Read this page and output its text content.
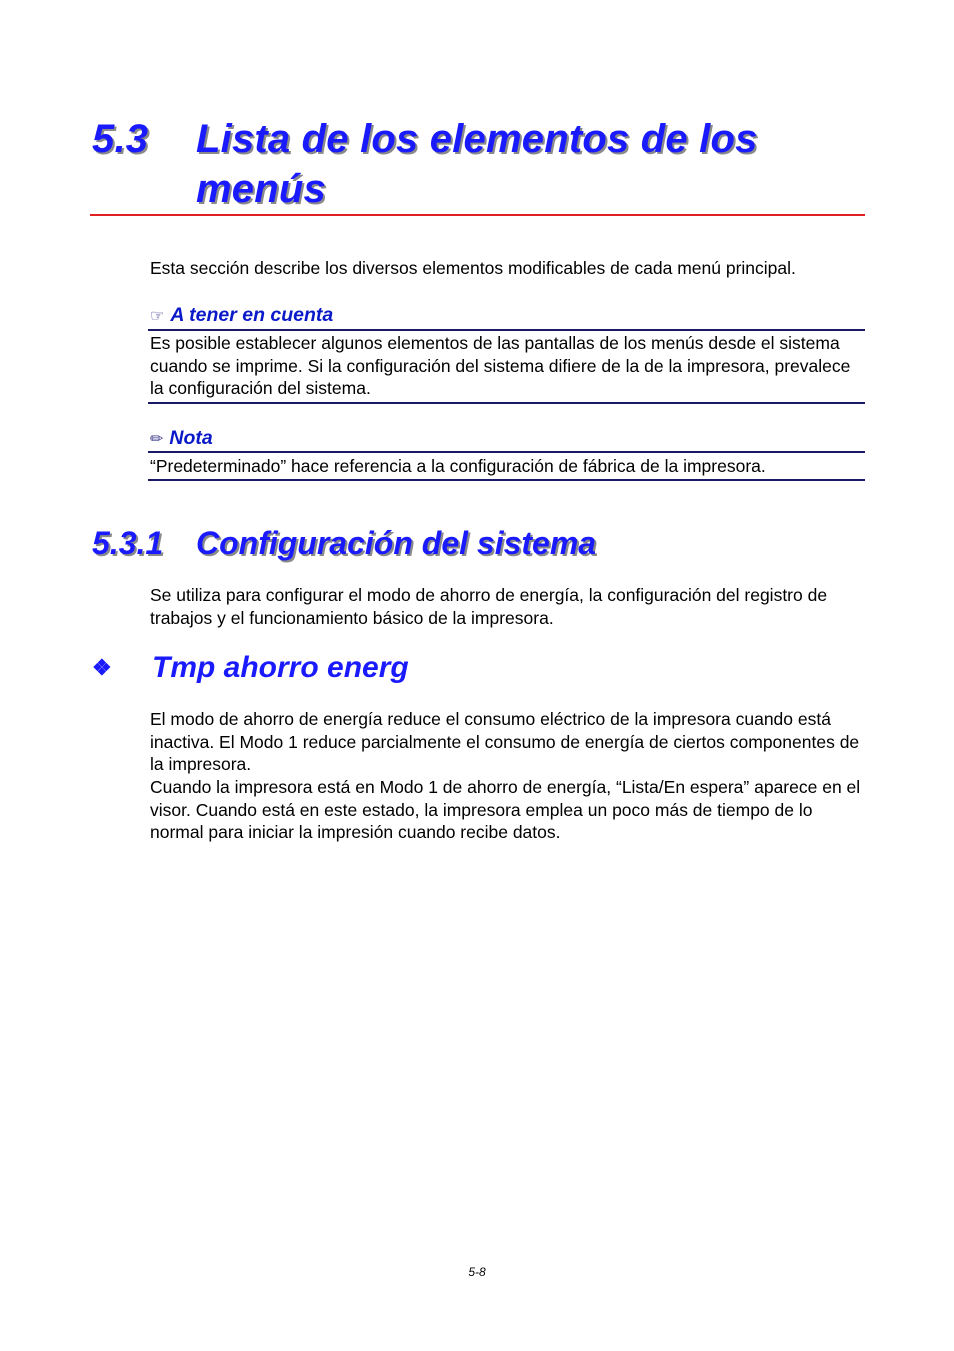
5.3 Lista de los elementos de los
menús
Esta sección describe los diversos elementos modificables de cada menú principal.
☞ A tener en cuenta
Es posible establecer algunos elementos de las pantallas de los menús desde el sistema cuando se imprime. Si la configuración del sistema difiere de la de la impresora, prevalece la configuración del sistema.
✏ Nota
“Predeterminado” hace referencia a la configuración de fábrica de la impresora.
5.3.1 Configuración del sistema
Se utiliza para configurar el modo de ahorro de energía, la configuración del registro de trabajos y el funcionamiento básico de la impresora.
❖ Tmp ahorro energ
El modo de ahorro de energía reduce el consumo eléctrico de la impresora cuando está inactiva. El Modo 1 reduce parcialmente el consumo de energía de ciertos componentes de la impresora.
Cuando la impresora está en Modo 1 de ahorro de energía, “Lista/En espera” aparece en el visor. Cuando está en este estado, la impresora emplea un poco más de tiempo de lo normal para iniciar la impresión cuando recibe datos.
5-8
